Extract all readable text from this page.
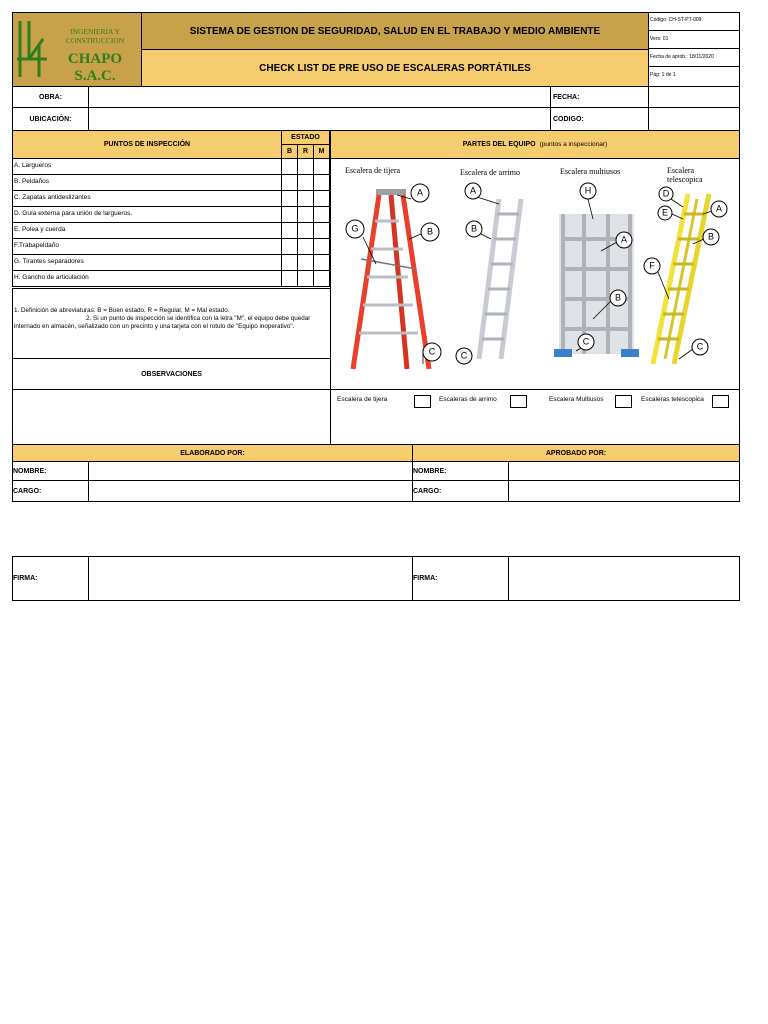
INGENIERIA Y CONSTRUCCION
CHAPO S.A.C.
SISTEMA DE GESTION DE SEGURIDAD, SALUD EN EL TRABAJO Y MEDIO AMBIENTE
CHECK LIST DE PRE USO DE ESCALERAS PORTÁTILES
Código: CH-ST-PT-009
Vers: 01
Fecha de aprob.: 18/11/2020
Pág: 1 de 1
OBRA:	FECHA:
UBICACIÓN:	CODIGO:
PUNTOS DE INSPECCIÓN
ESTADO
B	R	M
A. Largueros
B. Peldaños
C. Zapatas antideslizantes
D. Guía externa para unión de largueros.
E. Polea y cuerda
F.Trabapeldaño
G. Tirantes separadores
H. Gancho de articulación
1. Definición de abreviaturas: B = Buen estado, R = Regular, M = Mal estado.
2. Si un punto de inspección se identifica con la letra "M", el equipo debe quedar internado en almacén, señalizado con un precinto y una tarjeta con el rotulo de "Equipo inoperativo".
OBSERVACIONES
PARTES DEL EQUIPO (puntos a inspeccionar)
Escalera de tijera	Escalera de arrimo	Escalera multiusos	Escalera telescopica
A
G	B
C
A
B
C
H
A
B
C
D
E	A
B
F
C
Escalera de tijera	Escaleras de arrimo	Escalera Multiusos	Escaleras telescopica
ELABORADO POR:	APROBADO POR:
NOMBRE:	NOMBRE:
CARGO:	CARGO:
FIRMA:	FIRMA:
